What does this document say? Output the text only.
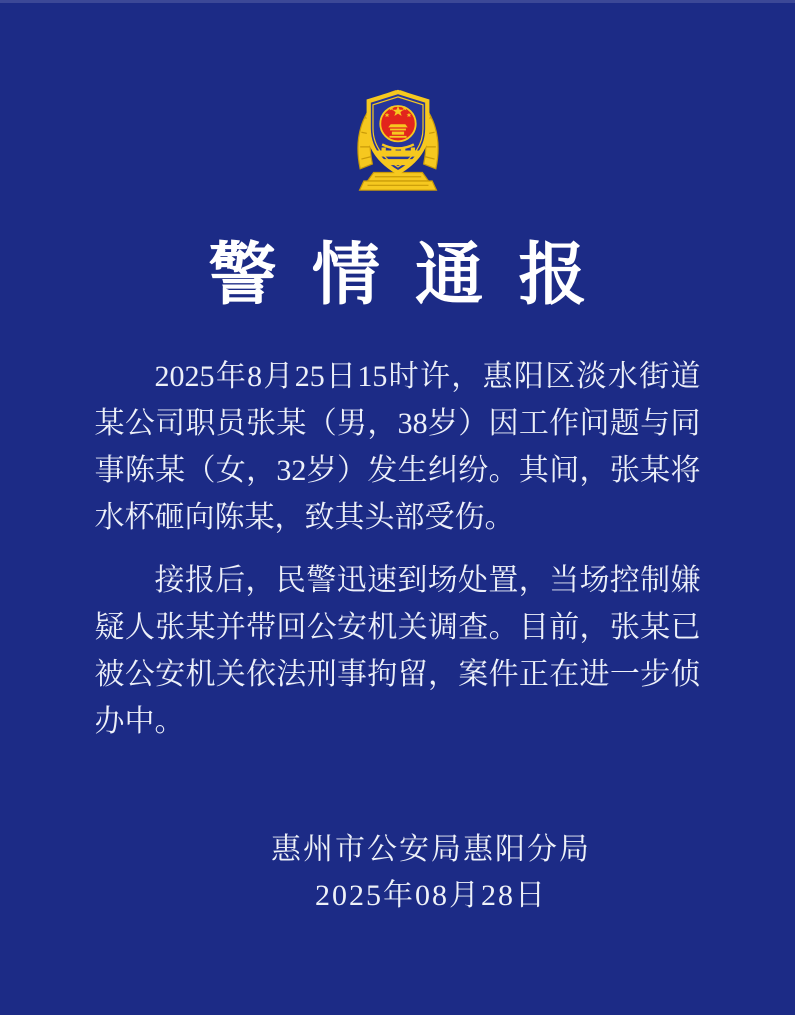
警情通报

2025年8月25日15时许，惠阳区淡水街道某公司职员张某（男，38岁）因工作问题与同事陈某（女，32岁）发生纠纷。其间，张某将水杯砸向陈某，致其头部受伤。

接报后，民警迅速到场处置，当场控制嫌疑人张某并带回公安机关调查。目前，张某已被公安机关依法刑事拘留，案件正在进一步侦办中。

惠州市公安局惠阳分局
2025年08月28日
